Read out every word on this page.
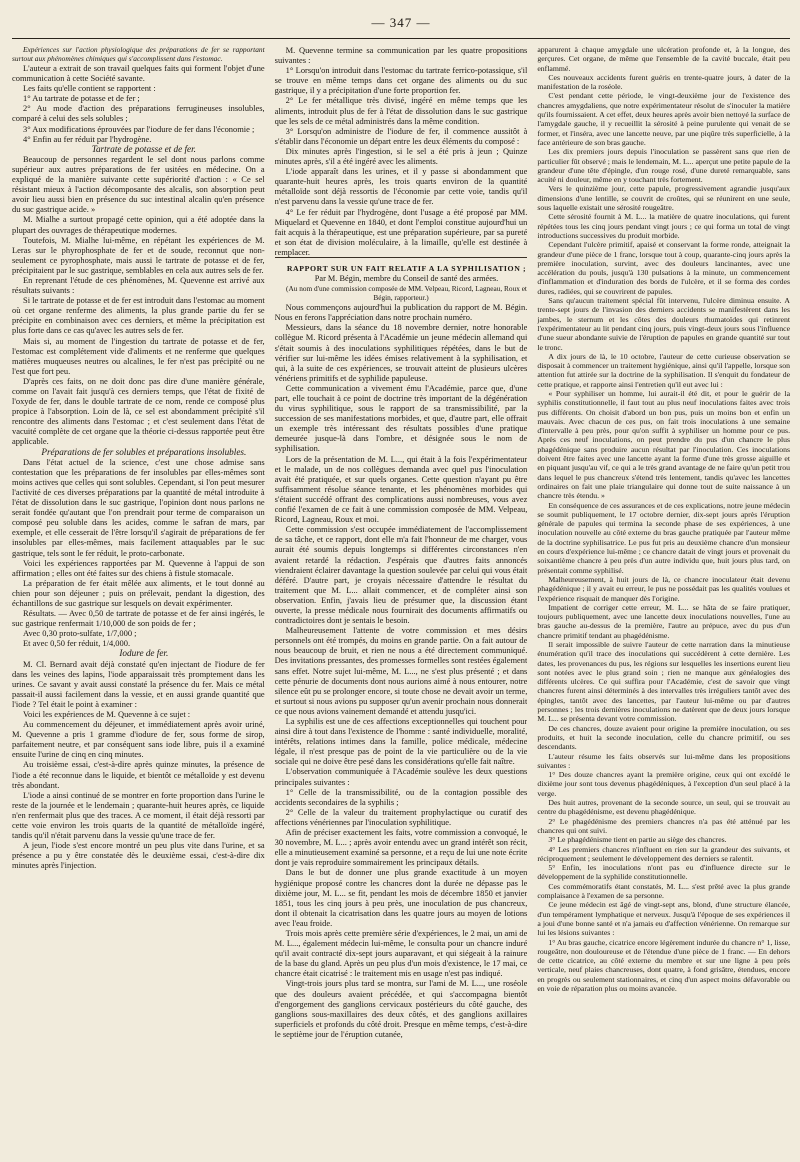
— 347 —

Expériences sur l'action physiologique des préparations de fer se rapportant surtout aux phénomènes chimiques qui s'accomplissent dans l'estomac.

L'auteur a extrait de son travail quelques faits qui forment l'objet d'une communication à cette Société savante.

Les faits qu'elle contient se rapportent :

1° Au tartrate de potasse et de fer ;

2° Au mode d'action des préparations ferrugineuses insolubles, comparé à celui des sels solubles ;

3° Aux modifications éprouvées par l'iodure de fer dans l'économie ;

4° Enfin au fer réduit par l'hydrogène.

Tartrate de potasse et de fer.

Beaucoup de personnes regardent le sel dont nous parlons comme supérieur aux autres préparations de fer usitées en médecine. On a expliqué de la manière suivante cette supériorité d'action : « Ce sel résistant mieux à l'action décomposante des alcalis, son absorption peut avoir lieu aussi bien en présence du suc intestinal alcalin qu'en présence du suc gastrique acide. »

M. Mialhe a surtout propagé cette opinion, qui a été adoptée dans la plupart des ouvrages de thérapeutique modernes.

Toutefois, M. Mialhe lui-même, en répétant les expériences de M. Leras sur le phyrophosphate de fer et de soude, reconnut que non-seulement ce pyrophosphate, mais aussi le tartrate de potasse et de fer, précipitaient par le suc gastrique, semblables en cela aux autres sels de fer.

En reprenant l'étude de ces phénomènes, M. Quevenne est arrivé aux résultats suivants :

Si le tartrate de potasse et de fer est introduit dans l'estomac au moment où cet organe renferme des aliments, la plus grande partie du fer se précipite en combinaison avec ces derniers, et même la précipitation est plus forte dans ce cas qu'avec les autres sels de fer.

Mais si, au moment de l'ingestion du tartrate de potasse et de fer, l'estomac est complétement vide d'aliments et ne renferme que quelques matières muqueuses neutres ou alcalines, le fer n'est pas précipité ou ne l'est que fort peu.

D'après ces faits, on ne doit donc pas dire d'une manière générale, comme on l'avait fait jusqu'à ces derniers temps, que l'état de fixité de l'oxyde de fer, dans le double tartrate de ce nom, rende ce composé plus propice à l'absorption. Loin de là, ce sel est abondamment précipité s'il rencontre des aliments dans l'estomac ; et c'est seulement dans l'état de vacuité complète de cet organe que la théorie ci-dessus rapportée peut être applicable.

Préparations de fer solubles et préparations insolubles.

Dans l'état actuel de la science, c'est une chose admise sans contestation que les préparations de fer insolubles par elles-mêmes sont moins actives que celles qui sont solubles. Cependant, si l'on peut mesurer l'activité de ces diverses préparations par la quantité de métal introduite à l'état de dissolution dans le suc gastrique, l'opinion dont nous parlons ne serait fondée qu'autant que l'on prendrait pour terme de comparaison un composé peu soluble dans les acides, comme le safran de mars, par exemple, et elle cesserait de l'être lorsqu'il s'agirait de préparations de fer insolubles par elles-mêmes, mais facilement attaquables par le suc gastrique, tels sont le fer réduit, le proto-carbonate.

Voici les expériences rapportées par M. Quevenne à l'appui de son affirmation ; elles ont été faites sur des chiens à fistule stomacale.

La préparation de fer était mêlée aux aliments, et le tout donné au chien pour son déjeuner ; puis on prélevait, pendant la digestion, des échantillons de suc gastrique sur lesquels on devait expérimenter.

Résultats. — Avec 0,50 de tartrate de potasse et de fer ainsi ingérés, le suc gastrique renfermait 1/10,000 de son poids de fer ;

Avec 0,30 proto-sulfate, 1/7,000 ;

Et avec 0,50 fer réduit, 1/4,000.

Iodure de fer.

M. Cl. Bernard avait déjà constaté qu'en injectant de l'iodure de fer dans les veines des lapins, l'iode apparaissait très promptement dans les urines. Ce savant y avait aussi constaté la présence du fer. Mais ce métal passait-il aussi facilement dans la vessie, et en aussi grande quantité que l'iode ? Tel était le point à examiner :

Voici les expériences de M. Quevenne à ce sujet :

Au commencement du déjeuner, et immédiatement après avoir uriné, M. Quevenne a pris 1 gramme d'iodure de fer, sous forme de sirop, parfaitement neutre, et par conséquent sans iode libre, puis il a examiné ensuite l'urine de cinq en cinq minutes.

Au troisième essai, c'est-à-dire après quinze minutes, la présence de l'iode a été reconnue dans le liquide, et bientôt ce métalloïde y est devenu très abondant.

L'iode a ainsi continué de se montrer en forte proportion dans l'urine le reste de la journée et le lendemain ; quarante-huit heures après, ce liquide n'en renfermait plus que des traces. A ce moment, il était déjà ressorti par cette voie environ les trois quarts de la quantité de métalloïde ingéré, tandis qu'il n'était parvenu dans la vessie qu'une trace de fer.

A jeun, l'iode s'est encore montré un peu plus vite dans l'urine, et sa présence a pu y être constatée dès le deuxième essai, c'est-à-dire dix minutes après l'injection.

M. Quevenne termine sa communication par les quatre propositions suivantes :

1° Lorsqu'on introduit dans l'estomac du tartrate ferrico-potassique, s'il se trouve en même temps dans cet organe des aliments ou du suc gastrique, il y a précipitation d'une forte proportion fer.

2° Le fer métallique très divisé, ingéré en même temps que les aliments, introduit plus de fer à l'état de dissolution dans le suc gastrique que les sels de ce métal administrés dans la même condition.

3° Lorsqu'on administre de l'iodure de fer, il commence aussitôt à s'établir dans l'économie un départ entre les deux éléments du composé :

Dix minutes après l'ingestion, si le sel a été pris à jeun ; Quinze minutes après, s'il a été ingéré avec les aliments.

L'iode apparaît dans les urines, et il y passe si abondamment que quarante-huit heures après, les trois quarts environ de la quantité métalloïde sont déjà ressortis de l'économie par cette voie, tandis qu'il n'est parvenu dans la vessie qu'une trace de fer.

4° Le fer réduit par l'hydrogène, dont l'usage a été proposé par MM. Miquelard et Quevenne en 1840, et dont l'emploi constitue aujourd'hui un fait acquis à la thérapeutique, est une préparation supérieure, par sa pureté et son état de division moléculaire, à la limaille, qu'elle est destinée à remplacer.

RAPPORT SUR UN FAIT RELATIF A LA SYPHILISATION ;

Par M. Bégin, membre du Conseil de santé des armées.

(Au nom d'une commission composée de MM. Velpeau, Ricord, Lagneau, Roux et Bégin, rapporteur.)

Nous commençons aujourd'hui la publication du rapport de M. Bégin. Nous en ferons l'appréciation dans notre prochain numéro.

Messieurs, dans la séance du 18 novembre dernier, notre honorable collègue M. Ricord présenta à l'Académie un jeune médecin allemand qui s'était soumis à des inoculations syphilitiques répétées, dans le but de vérifier sur lui-même les idées émises relativement à la syphilisation, et qui, à la suite de ces expériences, se trouvait atteint de plusieurs ulcères vénériens primitifs et de syphilide papuleuse.

Cette communication a vivement ému l'Académie, parce que, d'une part, elle touchait à ce point de doctrine très important de la dégénération du virus syphilitique, sous le rapport de sa transmissibilité, par la succession de ses manifestations morbides, et que, d'autre part, elle offrait un exemple très intéressant des résultats possibles d'une pratique demeurée jusque-là dans l'ombre, et désignée sous le nom de syphilisation.

Lors de la présentation de M. L..., qui était à la fois l'expérimentateur et le malade, un de nos collègues demanda avec quel pus l'inoculation avait été pratiquée, et sur quels organes. Cette question n'ayant pu être suffisamment résolue séance tenante, et les phénomènes morbides qui s'étaient succédé offrant des complications aussi nombreuses, vous avez confié l'examen de ce fait à une commission composée de MM. Velpeau, Ricord, Lagneau, Roux et moi.

Cette commission s'est occupée immédiatement de l'accomplissement de sa tâche, et ce rapport, dont elle m'a fait l'honneur de me charger, vous aurait été soumis depuis longtemps si différentes circonstances n'en avaient retardé la rédaction. J'espérais que d'autres faits annoncés viendraient éclairer davantage la question soulevée par celui qui vous était déféré. D'autre part, je croyais nécessaire d'attendre le résultat du traitement que M. L... allait commencer, et de compléter ainsi son observation. Enfin, j'avais lieu de présumer que, la discussion étant ouverte, la presse médicale nous fournirait des documents affirmatifs ou contradictoires dont je sentais le besoin.

Malheureusement l'attente de votre commission et mes désirs personnels ont été trompés, du moins en grande partie. On a fait autour de nous beaucoup de bruit, et rien ne nous a été directement communiqué. Des invitations pressantes, des promesses formelles sont restées également sans effet. Notre sujet lui-même, M. L..., ne s'est plus présenté ; et dans cette pénurie de documents dont nous aurions aimé à nous entourer, notre silence eût pu se prolonger encore, si toute chose ne devait avoir un terme, et surtout si nous avions pu supposer qu'un avenir prochain nous donnerait ce que nous avions vainement demandé et attendu jusqu'ici.

La syphilis est une de ces affections exceptionnelles qui touchent pour ainsi dire à tout dans l'existence de l'homme : santé individuelle, moralité, intérêts, relations intimes dans la famille, police médicale, médecine légale, il n'est presque pas de point de la vie particulière ou de la vie sociale qui ne doive être pesé dans les considérations qu'elle fait naître.

L'observation communiquée à l'Académie soulève les deux questions principales suivantes :

1° Celle de la transmissibilité, ou de la contagion possible des accidents secondaires de la syphilis ;

2° Celle de la valeur du traitement prophylactique ou curatif des affections vénériennes par l'inoculation syphilitique.

Afin de préciser exactement les faits, votre commission a convoqué, le 30 novembre, M. L... ; après avoir entendu avec un grand intérêt son récit, elle a minutieusement examiné sa personne, et a reçu de lui une note écrite dont je vais reproduire sommairement les principaux détails.

Dans le but de donner une plus grande exactitude à un moyen hygiénique proposé contre les chancres dont la durée ne dépasse pas le dixième jour, M. L... se fit, pendant les mois de décembre 1850 et janvier 1851, tous les cinq jours à peu près, une inoculation de pus chancreux, dont il obtenait la cicatrisation dans les quatre jours au moyen de lotions avec l'eau froide.

Trois mois après cette première série d'expériences, le 2 mai, un ami de M. L..., également médecin lui-même, le consulta pour un chancre induré qu'il avait contracté dix-sept jours auparavant, et qui siégeait à la rainure de la base du gland. Après un peu plus d'un mois d'existence, le 17 mai, ce chancre était cicatrisé : le traitement mis en usage n'est pas indiqué.

Vingt-trois jours plus tard se montra, sur l'ami de M. L..., une roséole que des douleurs avaient précédée, et qui s'accompagna bientôt d'engorgement des ganglions cervicaux postérieurs du côté gauche, des ganglions sous-maxillaires des deux côtés, et des ganglions axillaires superficiels et profonds du côté droit. Presque en même temps, c'est-à-dire le septième jour de l'éruption cutanée,

apparurent à chaque amygdale une ulcération profonde et, à la longue, des gerçures. Cet organe, de même que l'ensemble de la cavité buccale, était peu enflammé.

Ces nouveaux accidents furent guéris en trente-quatre jours, à dater de la manifestation de la roséole.

C'est pendant cette période, le vingt-deuxième jour de l'existence des chancres amygdaliens, que notre expérimentateur résolut de s'inoculer la matière qu'ils fournissaient. A cet effet, deux heures après avoir bien nettoyé la surface de l'amygdale gauche, il y recueillit la sérosité à peine purulente qui venait de se former, et l'inséra, avec une lancette neuve, par une piqûre très superficielle, à la face antérieure de son bras gauche.

Les dix premiers jours depuis l'inoculation se passèrent sans que rien de particulier fût observé ; mais le lendemain, M. L... aperçut une petite papule de la grandeur d'une tête d'épingle, d'un rouge rosé, d'une dureté remarquable, sans acuité ni douleur, même en y touchant très fortement.

Vers le quinzième jour, cette papule, progressivement agrandie jusqu'aux dimensions d'une lentille, se couvrit de croûtes, qui se réunirent en une seule, sous laquelle existait une sérosité rougeâtre.

Cette sérosité fournit à M. L... la matière de quatre inoculations, qui furent répétées tous les cinq jours pendant vingt jours ; ce qui forma un total de vingt introductions successives du produit morbide.

Cependant l'ulcère primitif, apaisé et conservant la forme ronde, atteignait la grandeur d'une pièce de 1 franc, lorsque tout à coup, quarante-cinq jours après la première inoculation, survint, avec des douleurs lancinantes, avec une accélération du pouls, jusqu'à 130 pulsations à la minute, un commencement d'inflammation et d'induration des bords de l'ulcère, et il se forma des cordes dures, radiées, qui se couvrirent de papules.

Sans qu'aucun traitement spécial fût intervenu, l'ulcère diminua ensuite. A trente-sept jours de l'invasion des derniers accidents se manifestèrent dans les jambes, le sternum et les côtes des douleurs rhumatoïdes qui retinrent l'expérimentateur au lit pendant cinq jours, puis vingt-deux jours sous l'influence d'une sueur abondante suivie de l'éruption de papules en grande quantité sur tout le tronc.

A dix jours de là, le 10 octobre, l'auteur de cette curieuse observation se disposait à commencer un traitement hygiénique, ainsi qu'il l'appelle, lorsque son attention fut attirée sur la doctrine de la syphilisation. Il s'enquit du fondateur de cette pratique, et rapporte ainsi l'entretien qu'il eut avec lui :

« Pour syphiliser un homme, lui aurait-il été dit, et pour le guérir de la syphilis constitutionnelle, il faut tout au plus neuf inoculations faites avec trois pus différents. On choisit d'abord un bon pus, puis un moins bon et enfin un mauvais. Avec chacun de ces pus, on fait trois inoculations à une semaine d'intervalle à peu près, pour qu'on suffit à syphiliser un homme pour ce pus. Après ces neuf inoculations, on peut prendre du pus d'un chancre le plus phagédénique sans produire aucun résultat par l'inoculation. Ces inoculations doivent être faites avec une lancette ayant la forme d'une très grosse aiguille et en piquant jusqu'au vif, ce qui a le très grand avantage de ne faire qu'un petit trou dans lequel le pus chancreux s'étend très lentement, tandis qu'avec les lancettes ordinaires on fait une plaie triangulaire qui donne tout de suite naissance à un chancre très étendu. »

En conséquence de ces assurances et de ces explications, notre jeune médecin se soumit publiquement, le 17 octobre dernier, dix-sept jours après l'éruption générale de papules qui termina la seconde phase de ses expériences, à une inoculation nouvelle au côté externe du bras gauche pratiquée par l'auteur même de la doctrine syphilisatrice. Le pus fut pris au deuxième chancre d'un monsieur en cours d'expérience lui-même ; ce chancre datait de vingt jours et provenait du soixantième chancre à peu près d'un autre individu que, huit jours plus tard, on présentait comme syphilisé.

Malheureusement, à huit jours de là, ce chancre inoculateur était devenu phagédénique ; il y avait eu erreur, le pus ne possédait pas les qualités voulues et l'expérience risquait de manquer dès l'origine.

Impatient de corriger cette erreur, M. L... se hâta de se faire pratiquer, toujours publiquement, avec une lancette deux inoculations nouvelles, l'une au bras gauche au-dessus de la première, l'autre au prépuce, avec du pus d'un chancre primitif tendant au phagédénisme.

Il serait impossible de suivre l'auteur de cette narration dans la minutieuse énumération qu'il trace des inoculations qui succédèrent à cette dernière. Les dates, les provenances du pus, les régions sur lesquelles les insertions eurent lieu sont notées avec le plus grand soin ; rien ne manque aux généalogies des différents ulcères. Ce qui suffira pour l'Académie, c'est de savoir que vingt chancres furent ainsi déterminés à des intervalles très irréguliers tantôt avec des épingles, tantôt avec des lancettes, par l'auteur lui-même ou par d'autres personnes ; les trois dernières inoculations ne datèrent que de deux jours lorsque M. L... se présenta devant votre commission.

De ces chancres, douze avaient pour origine la première inoculation, ou ses produits, et huit la seconde inoculation, celle du chancre primitif, ou ses descendants.

L'auteur résume les faits observés sur lui-même dans les propositions suivantes :

1° Des douze chancres ayant la première origine, ceux qui ont excédé le dixième jour sont tous devenus phagédéniques, à l'exception d'un seul placé à la verge.

Des huit autres, provenant de la seconde source, un seul, qui se trouvait au centre du phagédénisme, est devenu phagédénique.

2° Le phagédénisme des premiers chancres n'a pas été atténué par les chancres qui ont suivi.

3° Le phagédénisme tient en partie au siège des chancres.

4° Les premiers chancres n'influent en rien sur la grandeur des suivants, et réciproquement ; seulement le développement des derniers se ralentit.

5° Enfin, les inoculations n'ont pas eu d'influence directe sur le développement de la syphilide constitutionnelle.

Ces commémoratifs étant constatés, M. L... s'est prêté avec la plus grande complaisance à l'examen de sa personne.

Ce jeune médecin est âgé de vingt-sept ans, blond, d'une structure élancée, d'un tempérament lymphatique et nerveux. Jusqu'à l'époque de ses expériences il a joui d'une bonne santé et n'a jamais eu d'affection vénérienne. On remarque sur lui les lésions suivantes :

1° Au bras gauche, cicatrice encore légèrement indurée du chancre n° 1, lisse, rougeâtre, non douloureuse et de l'étendue d'une pièce de 1 franc. — En dehors de cette cicatrice, au côté externe du membre et sur une ligne à peu près verticale, neuf plaies chancreuses, dont quatre, à fond grisâtre, étendues, encore en progrès ou seulement stationnaires, et cinq d'un aspect moins défavorable ou en voie de réparation plus ou moins avancée.
